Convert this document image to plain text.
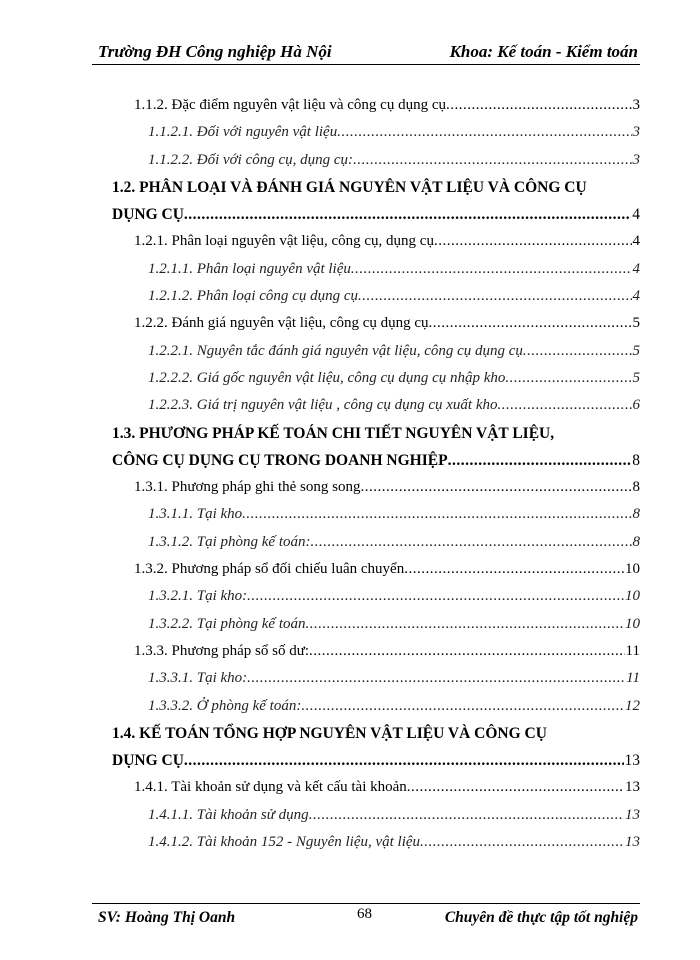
Trường ĐH Công nghiệp Hà Nội	Khoa: Kế toán - Kiểm toán
1.1.2. Đặc điểm nguyên vật liệu và công cụ dụng cụ .....	3
1.1.2.1. Đối với nguyên vật liệu .....	3
1.1.2.2. Đối với công cụ, dụng cụ: .....	3
1.2. PHÂN LOẠI VÀ ĐÁNH GIÁ NGUYÊN VẬT LIỆU VÀ CÔNG CỤ
DỤNG CỤ .....	4
1.2.1. Phân loại nguyên vật liệu, công cụ, dụng cụ .....	4
1.2.1.1. Phân loại nguyên vật liệu .....	4
1.2.1.2. Phân loại công cụ dụng cụ .....	4
1.2.2. Đánh giá nguyên vật liệu, công cụ dụng cụ .....	5
1.2.2.1. Nguyên tắc đánh giá nguyên vật liệu, công cụ dụng cụ .....	5
1.2.2.2. Giá gốc nguyên vật liệu, công cụ dụng cụ nhập kho .....	5
1.2.2.3. Giá trị nguyên vật liệu , công cụ dụng cụ xuất kho .....	6
1.3. PHƯƠNG PHÁP KẾ TOÁN CHI TIẾT NGUYÊN VẬT LIỆU,
CÔNG CỤ DỤNG CỤ TRONG DOANH NGHIỆP .....	8
1.3.1. Phương pháp ghi thẻ song song .....	8
1.3.1.1. Tại kho .....	8
1.3.1.2. Tại phòng kế toán: .....	8
1.3.2. Phương pháp sổ đối chiếu luân chuyển .....	10
1.3.2.1. Tại kho: .....	10
1.3.2.2. Tại phòng kế toán .....	10
1.3.3. Phương pháp sổ số dư: .....	11
1.3.3.1. Tại kho: .....	11
1.3.3.2. Ở phòng kế toán: .....	12
1.4. KẾ TOÁN TỔNG HỢP NGUYÊN VẬT LIỆU VÀ CÔNG CỤ
DỤNG CỤ .....	13
1.4.1. Tài khoản sử dụng và kết cấu tài khoản .....	13
1.4.1.1. Tài khoản sử dụng .....	13
1.4.1.2. Tài khoản 152 - Nguyên liệu, vật liệu .....	13
SV: Hoàng Thị Oanh	68	Chuyên đề thực tập tốt nghiệp
